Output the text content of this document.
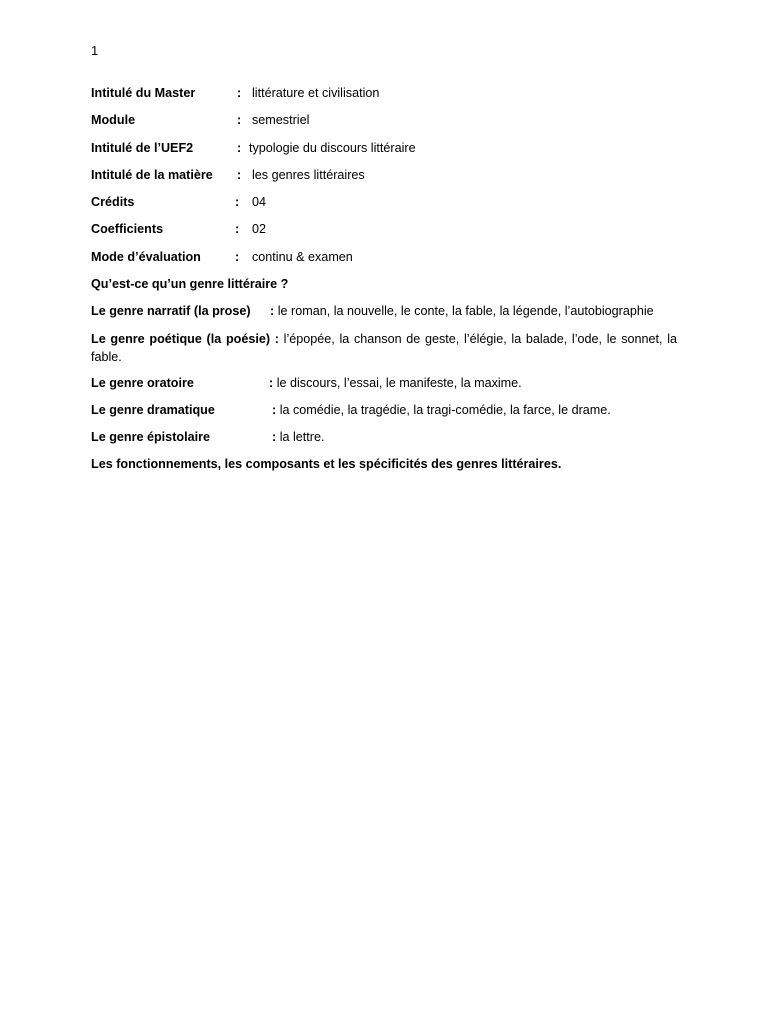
1
Intitulé du Master	: littérature et civilisation
Module	: semestriel
Intitulé de l’UEF2	: typologie du discours littéraire
Intitulé de la matière : les genres littéraires
Crédits	: 04
Coefficients	: 02
Mode d’évaluation	: continu & examen
Qu’est-ce qu’un genre littéraire ?
Le genre narratif (la prose) : le roman, la nouvelle, le conte, la fable, la légende, l’autobiographie
Le genre poétique (la poésie) : l’épopée, la chanson de geste, l’élégie, la balade, l’ode, le sonnet, la fable.
Le genre oratoire	: le discours, l’essai, le manifeste, la maxime.
Le genre dramatique	: la comédie, la tragédie, la tragi-comédie, la farce, le drame.
Le genre épistolaire	: la lettre.
Les fonctionnements, les composants et les spécificités des genres littéraires.
